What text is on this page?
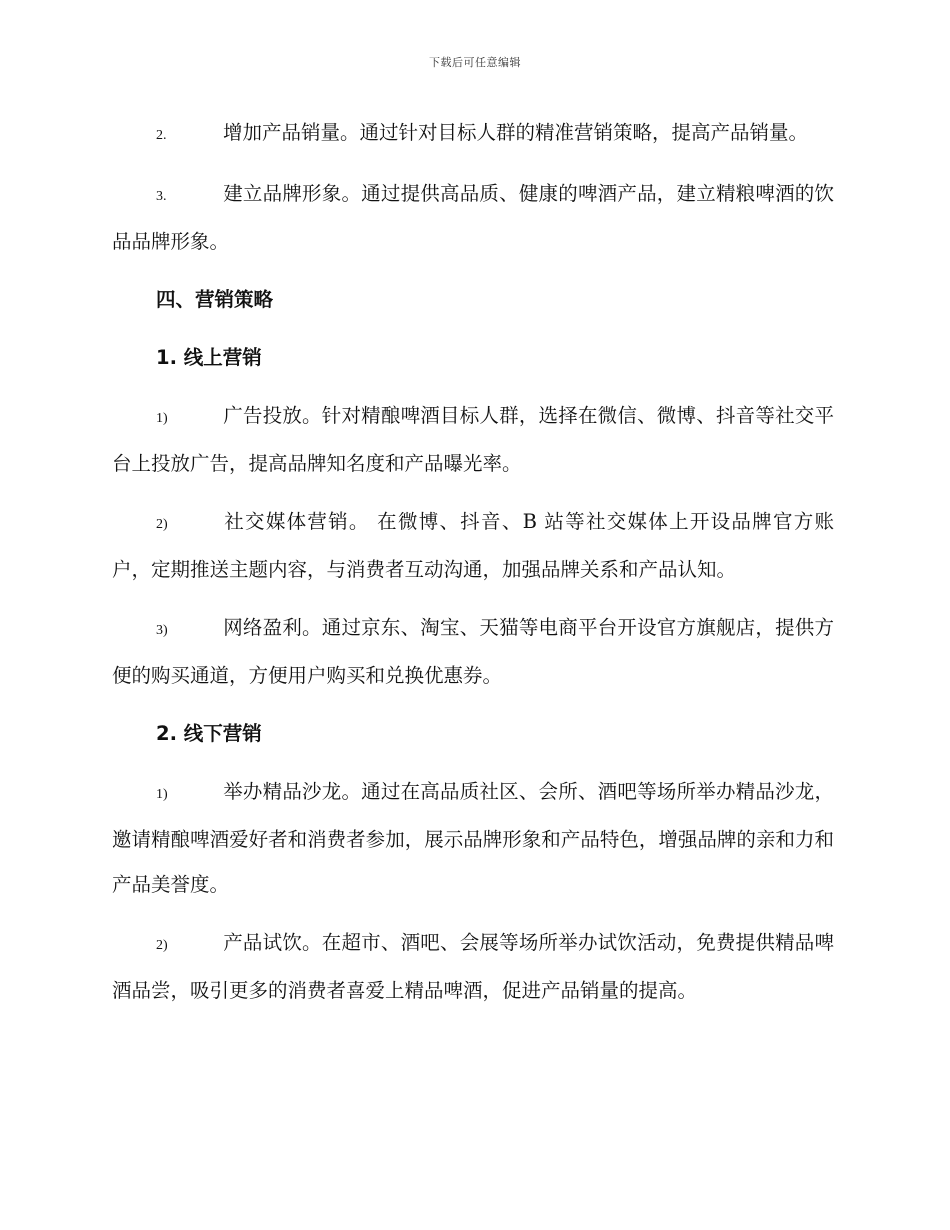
下载后可任意编辑

2.	增加产品销量。通过针对目标人群的精准营销策略，提高产品销量。

3.	建立品牌形象。通过提供高品质、健康的啤酒产品，建立精粮啤酒的饮品品牌形象。

四、营销策略
1. 线上营销

1)	广告投放。针对精酿啤酒目标人群，选择在微信、微博、抖音等社交平台上投放广告，提高品牌知名度和产品曝光率。

2)	社交媒体营销。 在微博、抖音、B 站等社交媒体上开设品牌官方账户，定期推送主题内容，与消费者互动沟通，加强品牌关系和产品认知。

3)	网络盈利。通过京东、淘宝、天猫等电商平台开设官方旗舰店，提供方便的购买通道，方便用户购买和兑换优惠券。

2. 线下营销

1)	举办精品沙龙。通过在高品质社区、会所、酒吧等场所举办精品沙龙，邀请精酿啤酒爱好者和消费者参加，展示品牌形象和产品特色，增强品牌的亲和力和产品美誉度。

2)	产品试饮。在超市、酒吧、会展等场所举办试饮活动，免费提供精品啤酒品尝，吸引更多的消费者喜爱上精品啤酒，促进产品销量的提高。
